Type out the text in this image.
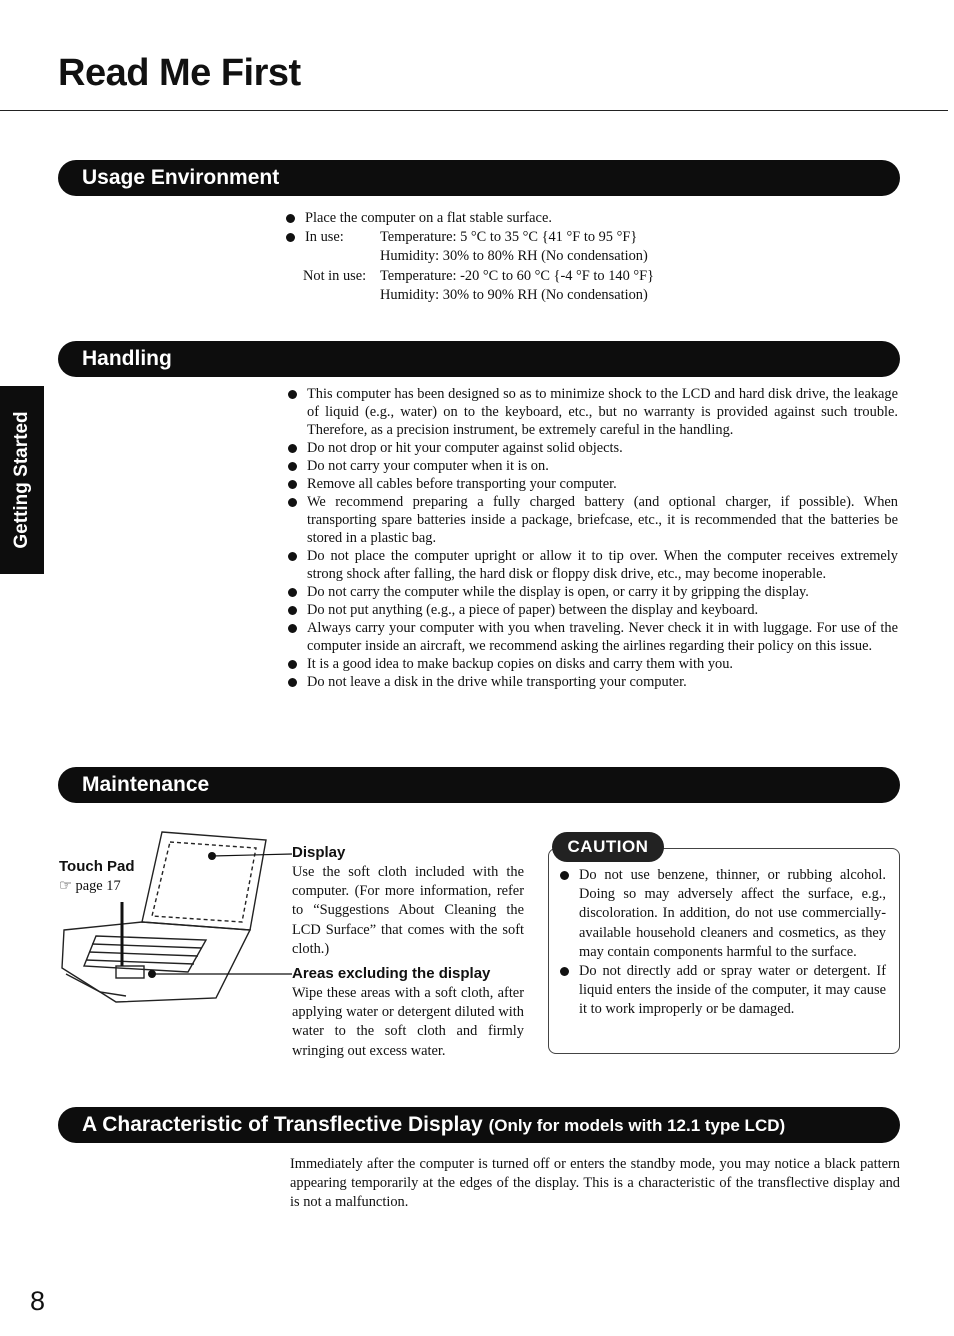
Read Me First
Getting Started
Usage Environment
Place the computer on a flat stable surface.
In use:	Temperature: 5 °C to 35 °C {41 °F to 95 °F}
Humidity: 30% to 80% RH (No condensation)
Not in use: Temperature: -20 °C to 60 °C {-4 °F to 140 °F}
Humidity: 30% to 90% RH (No condensation)
Handling
This computer has been designed so as to minimize shock to the LCD and hard disk drive, the leakage of liquid (e.g., water) on to the keyboard, etc., but no warranty is provided against such trouble. Therefore, as a precision instrument, be extremely careful in the handling.
Do not drop or hit your computer against solid objects.
Do not carry your computer when it is on.
Remove all cables before transporting your computer.
We recommend preparing a fully charged battery (and optional charger, if possible). When transporting spare batteries inside a package, briefcase, etc., it is recommended that the batteries be stored in a plastic bag.
Do not place the computer upright or allow it to tip over. When the computer receives extremely strong shock after falling, the hard disk or floppy disk drive, etc., may become inoperable.
Do not carry the computer while the display is open, or carry it by gripping the display.
Do not put anything (e.g., a piece of paper) between the display and keyboard.
Always carry your computer with you when traveling. Never check it in with luggage. For use of the computer inside an aircraft, we recommend asking the airlines regarding their policy on this issue.
It is a good idea to make backup copies on disks and carry them with you.
Do not leave a disk in the drive while transporting your computer.
Maintenance
Touch Pad
☞ page 17
Display
Use the soft cloth included with the computer. (For more information, refer to “Suggestions About Cleaning the LCD Surface” that comes with the soft cloth.)
Areas excluding the display
Wipe these areas with a soft cloth, after applying water or detergent diluted with water to the soft cloth and firmly wringing out excess water.
CAUTION
Do not use benzene, thinner, or rubbing alcohol. Doing so may adversely affect the surface, e.g., discoloration. In addition, do not use commercially-available household cleaners and cosmetics, as they may contain components harmful to the surface.
Do not directly add or spray water or detergent. If liquid enters the inside of the computer, it may cause it to work improperly or be damaged.
A Characteristic of Transflective Display (Only for models with 12.1 type LCD)
Immediately after the computer is turned off or enters the standby mode, you may notice a black pattern appearing temporarily at the edges of the display. This is a characteristic of the transflective display and is not a malfunction.
8
